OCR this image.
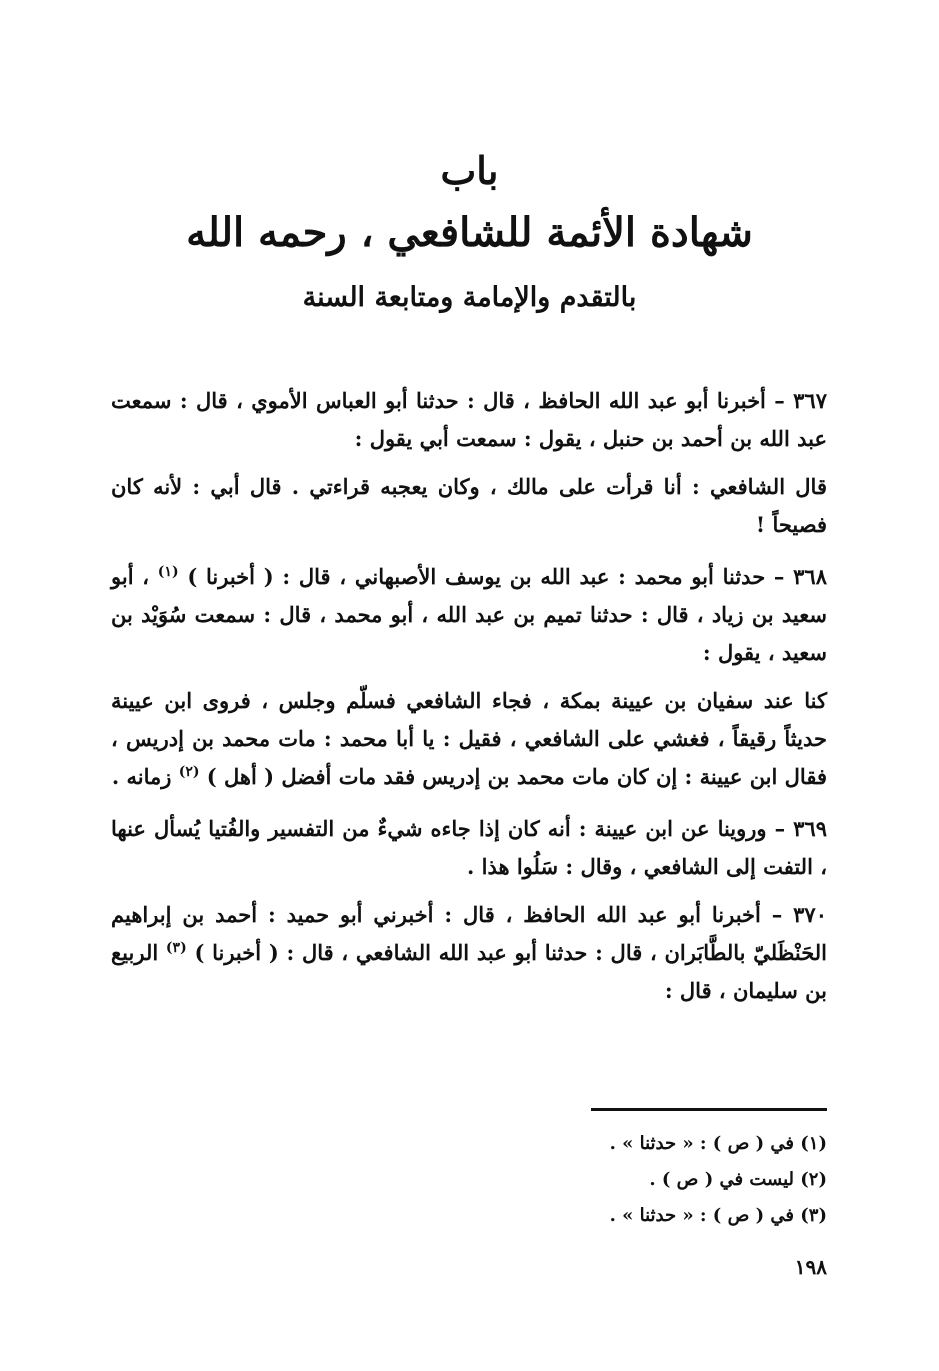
باب
شهادة الأئمة للشافعي ، رحمه الله
بالتقدم والإمامة ومتابعة السنة

٣٦٧ – أخبرنا أبو عبد الله الحافظ ، قال : حدثنا أبو العباس الأموي ، قال : سمعت عبد الله بن أحمد بن حنبل ، يقول : سمعت أبي يقول :

قال الشافعي : أنا قرأت على مالك ، وكان يعجبه قراءتي . قال أبي : لأنه كان فصيحاً !

٣٦٨ – حدثنا أبو محمد : عبد الله بن يوسف الأصبهاني ، قال : ( أخبرنا ) $^{(١)}$ ، أبو سعيد بن زياد ، قال : حدثنا تميم بن عبد الله ، أبو محمد ، قال : سمعت سُوَيْد بن سعيد ، يقول :

كنا عند سفيان بن عيينة بمكة ، فجاء الشافعي فسلّم وجلس ، فروى ابن عيينة حديثاً رقيقاً ، فغشي على الشافعي ، فقيل : يا أبا محمد : مات محمد بن إدريس ، فقال ابن عيينة : إن كان مات محمد بن إدريس فقد مات أفضل ( أهل ) $^{(٢)}$ زمانه .

٣٦٩ – وروينا عن ابن عيينة : أنه كان إذا جاءه شيءٌ من التفسير والفُتيا يُسأل عنها ، التفت إلى الشافعي ، وقال : سَلُوا هذا .

٣٧٠ – أخبرنا أبو عبد الله الحافظ ، قال : أخبرني أبو حميد : أحمد بن إبراهيم الحَنْظَليّ بالطَّابَران ، قال : حدثنا أبو عبد الله الشافعي ، قال : ( أخبرنا ) $^{(٣)}$ الربيع بن سليمان ، قال :

(١) في ( ص ) : « حدثنا » .

(٢) ليست في ( ص ) .

(٣) في ( ص ) : « حدثنا » .

١٩٨
